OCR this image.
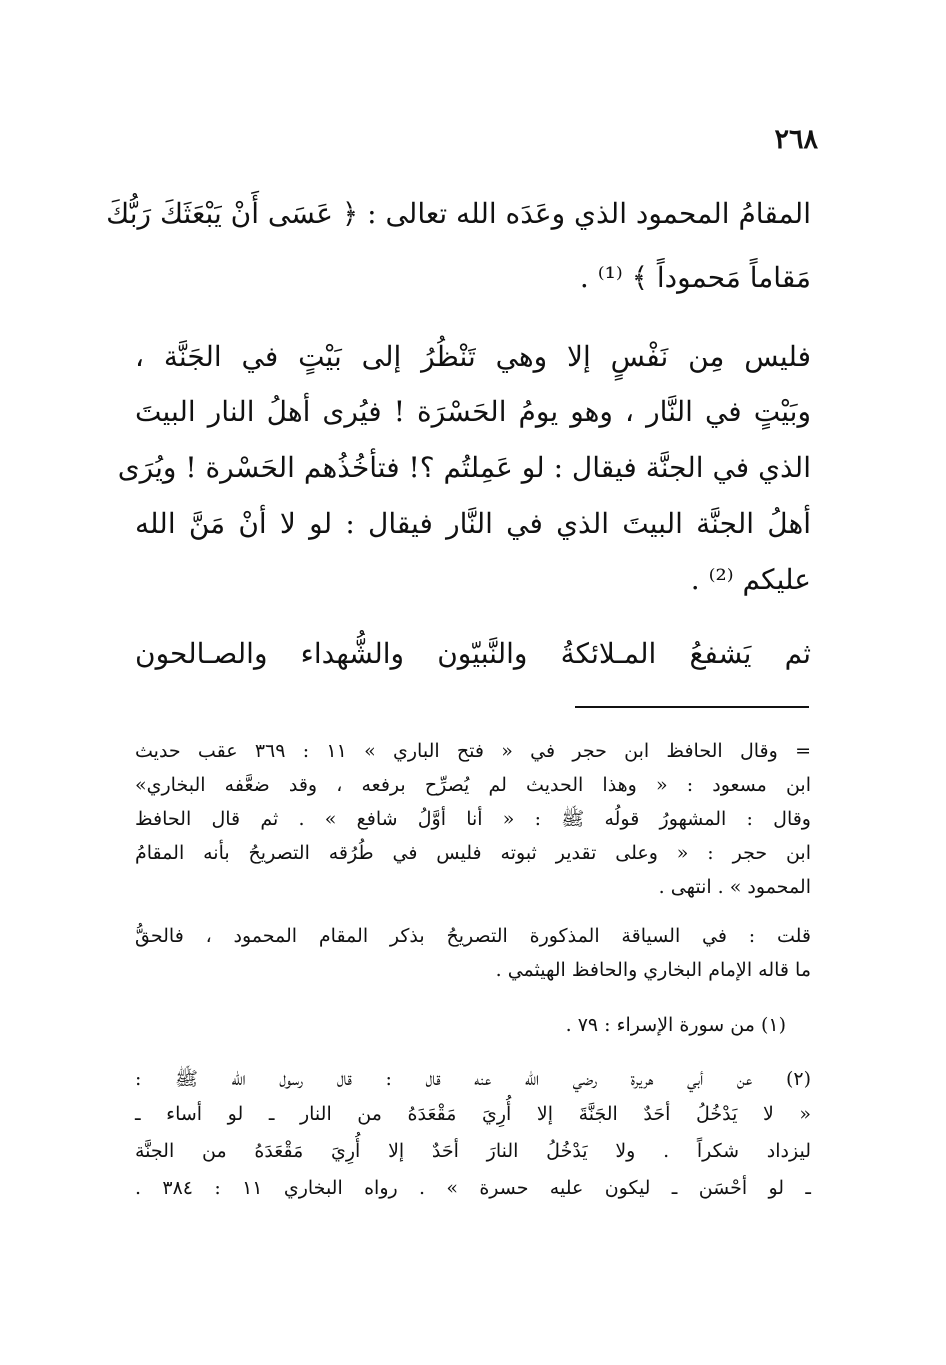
٢٦٨
المقامُ المحمود الذي وعَدَه الله تعالى : ﴿ عَسَى أَنْ يَبْعَثَكَ رَبُّكَ
مَقاماً مَحموداً ﴾ ⁽¹⁾ .
فليس مِن نَفْسٍ إلا وهي تَنْظُرُ إلى بَيْتٍ في الجَنَّة ،
وبَيْتٍ في النَّار ، وهو يومُ الحَسْرَة ! فيُرى أهلُ النار البيتَ
الذي في الجنَّة فيقال : لو عَمِلتُم ؟! فتأخُذُهم الحَسْرة ! ويُرَى
أهلُ الجنَّة البيتَ الذي في النَّار فيقال : لو لا أنْ مَنَّ الله
عليكم ⁽²⁾ .
ثم يَشفعُ المـلائكةُ والنَّبيّون والشُّهداء والصـالحون
= وقال الحافظ ابن حجر في « فتح الباري » ١١ : ٣٦٩ عقب حديث
ابن مسعود : « وهذا الحديث لم يُصرِّح برفعه ، وقد ضعَّفه البخاري»
وقال : المشهورُ قولُه ﷺ : « أنا أوَّلُ شافع » . ثم قال الحافظ
ابن حجر : « وعلى تقدير ثبوته فليس في طُرُقه التصريحُ بأنه المقامُ
المحمود » . انتهى .
قلت : في السياقة المذكورة التصريحُ بذكر المقام المحمود ، فالحقُّ
ما قاله الإمام البخاري والحافظ الهيثمي .
(١) من سورة الإسراء : ٧٩ .
(٢) عن أبي هريرة رضي الله عنه قال : قال رسول الله ﷺ :
« لا يَدْخُلُ أحَدٌ الجَنَّةَ إلا أُرِيَ مَقْعَدَهُ من النار ـ لو أساء ـ
ليزداد شكراً . ولا يَدْخُلُ النارَ أحَدٌ إلا أُرِيَ مَقْعَدَهُ من الجنَّة
ـ لو أحْسَن ـ ليكون عليه حسرة » . رواه البخاري ١١ : ٣٨٤ .
